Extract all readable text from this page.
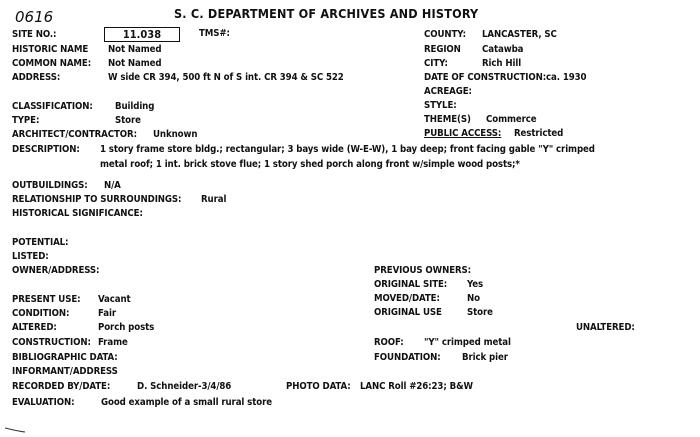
0616	S. C. DEPARTMENT OF ARCHIVES AND HISTORY
SITE NO.:	11.038	TMS#:
HISTORIC NAME Not Named
COMMON NAME: Not Named
ADDRESS:	W side CR 394, 500 ft N of S int. CR 394 & SC 522
COUNTY: LANCASTER, SC
REGION Catawba
CITY:	Rich Hill
DATE OF CONSTRUCTION: ca. 1930
ACREAGE:
STYLE:
THEME(S) Commerce
PUBLIC ACCESS: Restricted
CLASSIFICATION: Building
TYPE:	Store
ARCHITECT/CONTRACTOR: Unknown
DESCRIPTION: 1 story frame store bldg.; rectangular; 3 bays wide (W-E-W), 1 bay deep; front facing gable "Y" crimped
metal roof; 1 int. brick stove flue; 1 story shed porch along front w/simple wood posts;*
OUTBUILDINGS: N/A
RELATIONSHIP TO SURROUNDINGS: Rural
HISTORICAL SIGNIFICANCE:
POTENTIAL:
LISTED:
OWNER/ADDRESS:	PREVIOUS OWNERS:
ORIGINAL SITE: Yes
MOVED/DATE:	No
ORIGINAL USE	Store
UNALTERED:
PRESENT USE: Vacant
CONDITION:	Fair
ALTERED:	Porch posts
CONSTRUCTION: Frame	ROOF: "Y" crimped metal
BIBLIOGRAPHIC DATA:	FOUNDATION: Brick pier
INFORMANT/ADDRESS
RECORDED BY/DATE:	D. Schneider-3/4/86	PHOTO DATA: LANC Roll #26:23; B&W
EVALUATION:	Good example of a small rural store
